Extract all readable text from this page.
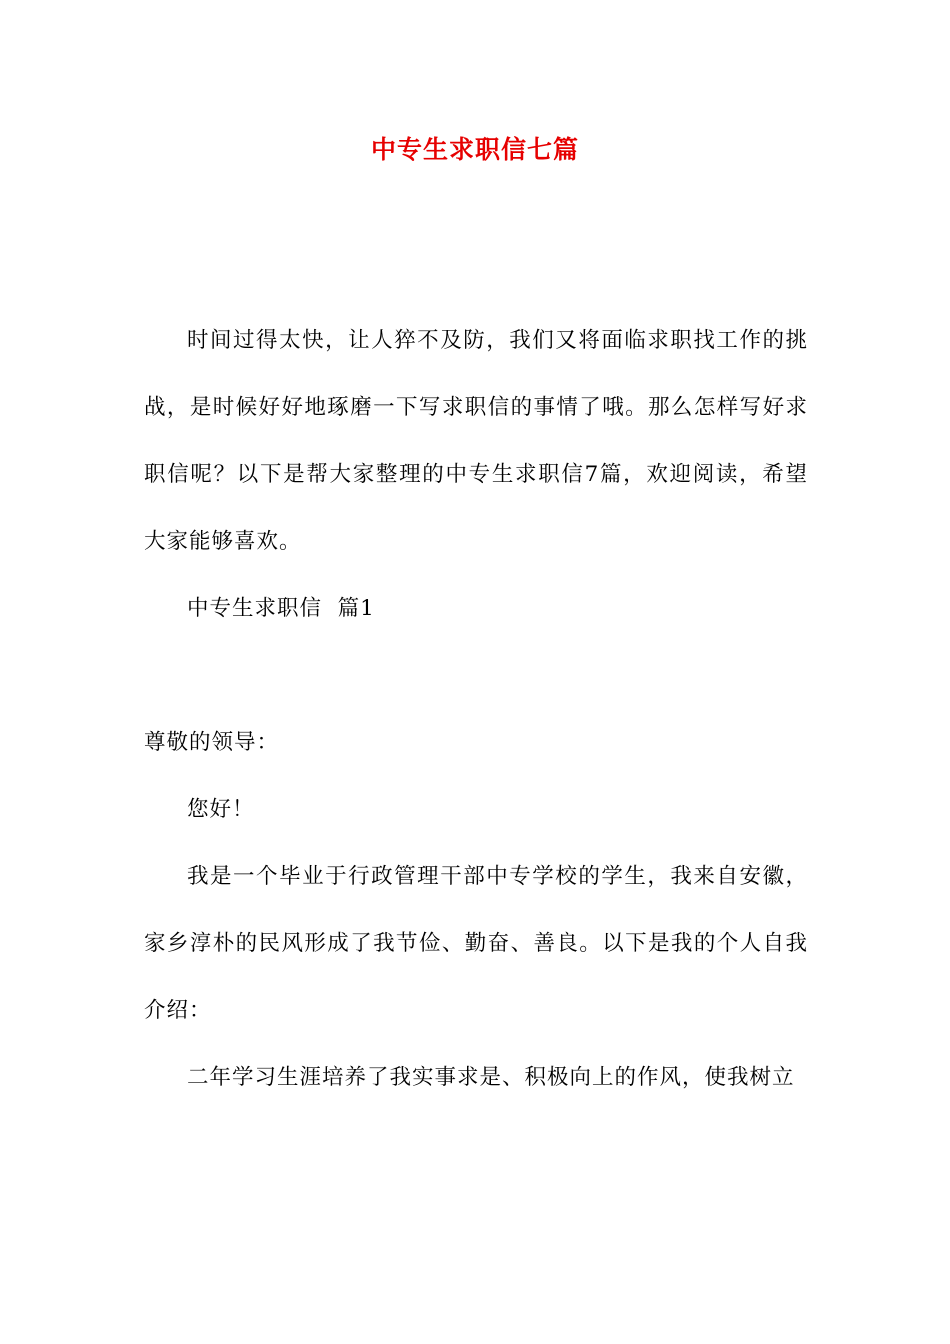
中专生求职信七篇

时间过得太快，让人猝不及防，我们又将面临求职找工作的挑战，是时候好好地琢磨一下写求职信的事情了哦。那么怎样写好求职信呢？以下是帮大家整理的中专生求职信7篇，欢迎阅读，希望大家能够喜欢。

中专生求职信  篇1

尊敬的领导：

您好！

我是一个毕业于行政管理干部中专学校的学生，我来自安徽，家乡淳朴的民风形成了我节俭、勤奋、善良。以下是我的个人自我介绍：

二年学习生涯培养了我实事求是、积极向上的作风，使我树立
